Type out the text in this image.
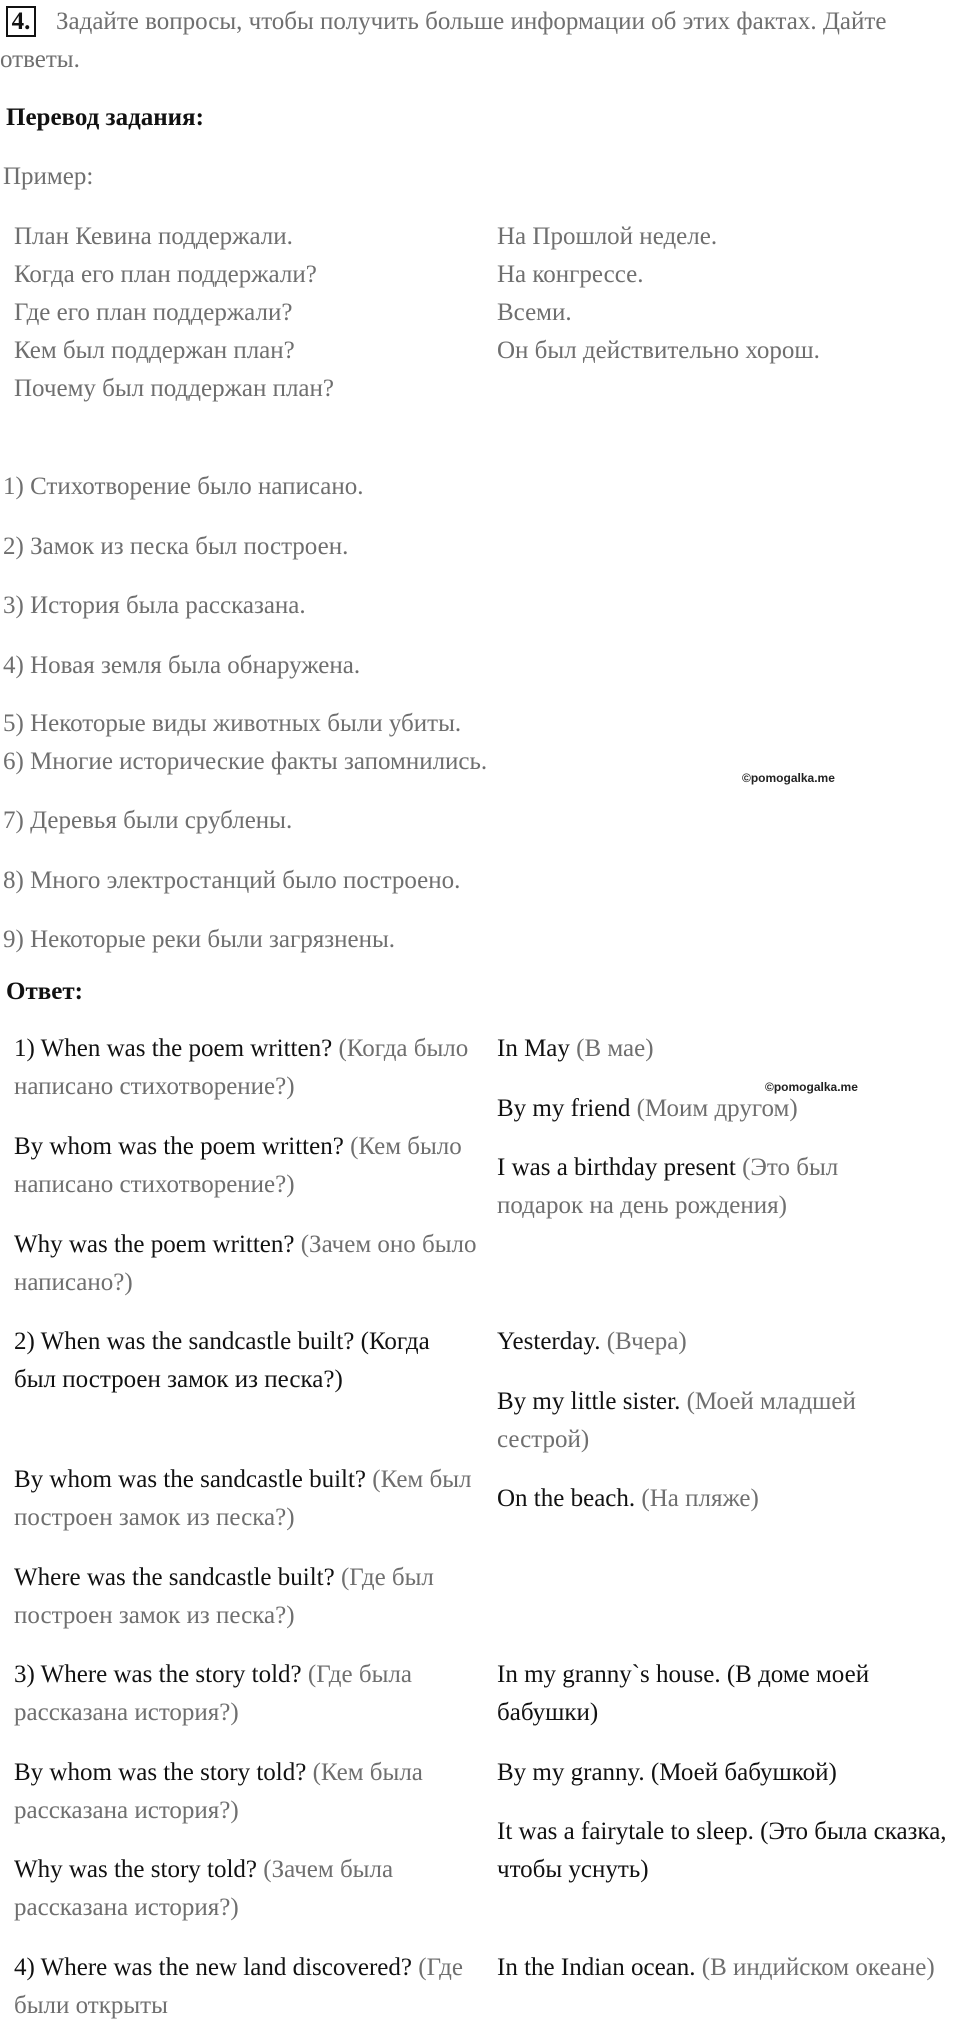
4.	Задайте вопросы, чтобы получить больше информации об этих фактах. Дайте ответы.
Перевод задания:
Пример:
План Кевина поддержали.
Когда его план поддержали?
Где его план поддержали?
Кем был поддержан план?
Почему был поддержан план?
На Прошлой неделе.
На конгрессе.
Всеми.
Он был действительно хорош.
1) Стихотворение было написано.
2) Замок из песка был построен.
3) История была рассказана.
4) Новая земля была обнаружена.
5) Некоторые виды животных были убиты.
6) Многие исторические факты запомнились.
7) Деревья были срублены.
8) Много электростанций было построено.
9) Некоторые реки были загрязнены.
©pomogalka.me
Ответ:
1) When was the poem written? (Когда было написано стихотворение?)
By whom was the poem written? (Кем было написано стихотворение?)
Why was the poem written? (Зачем оно было написано?)
2) When was the sandcastle built? (Когда был построен замок из песка?)
By whom was the sandcastle built? (Кем был построен замок из песка?)
Where was the sandcastle built? (Где был построен замок из песка?)
3) Where was the story told? (Где была рассказана история?)
By whom was the story told? (Кем была рассказана история?)
Why was the story told? (Зачем была рассказана история?)
4) Where was the new land discovered? (Где были открыты
In May (В мае)
By my friend (Моим другом)
I was a birthday present (Это был подарок на день рождения)
©pomogalka.me
Yesterday. (Вчера)
By my little sister. (Моей младшей сестрой)
On the beach. (На пляже)
In my granny`s house. (В доме моей бабушки)
By my granny. (Моей бабушкой)
It was a fairytale to sleep. (Это была сказка, чтобы уснуть)
In the Indian ocean. (В индийском океане)
